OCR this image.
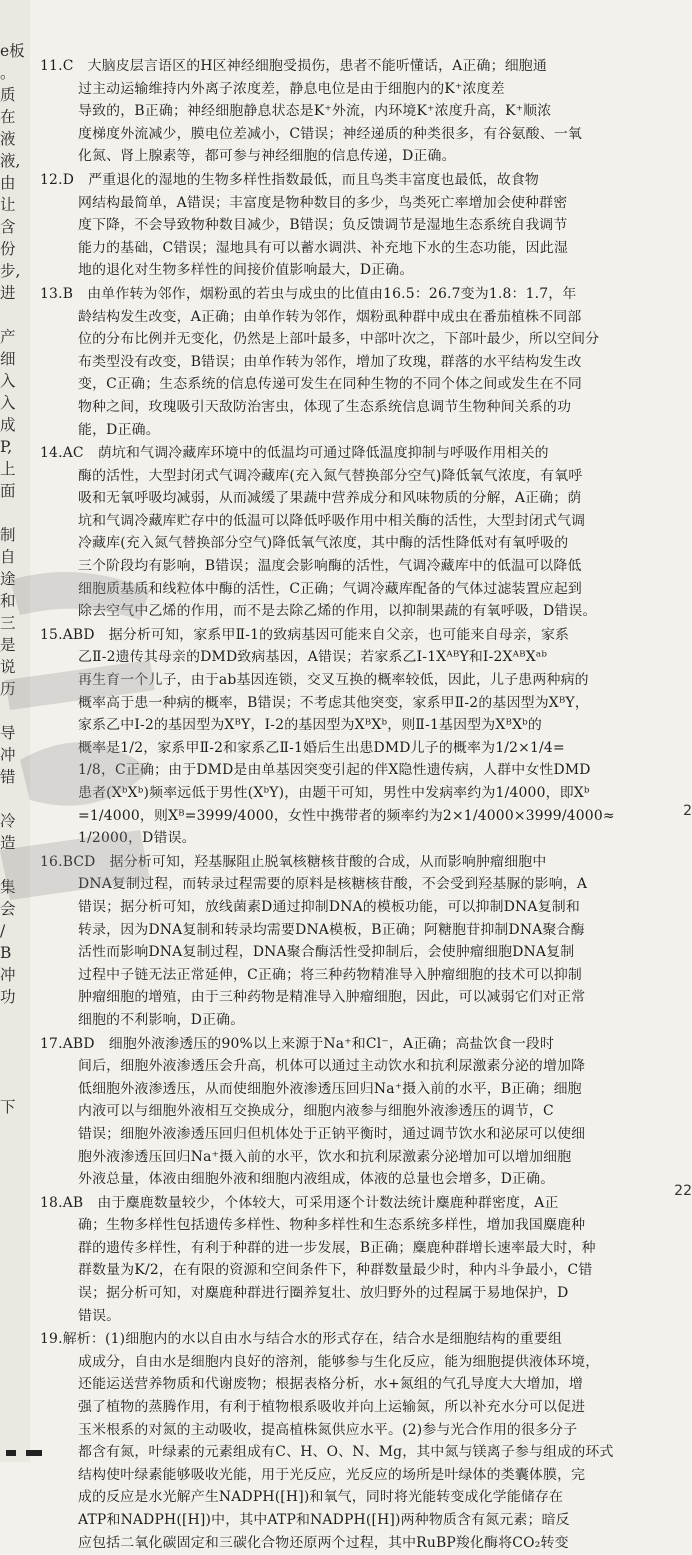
e板
。
质
在
液
液,
由
让
含
份
步,
进

产
细
入
入
成
P,
上
面

制
自
途
和
三
是
说
历

导
冲
错

冷
造

集
会
/
B
冲
功

下
11.C　大脑皮层言语区的H区神经细胞受损伤，患者不能听懂话，A正确；细胞通
过主动运输维持内外离子浓度差，静息电位是由于细胞内的K⁺浓度差
导致的，B正确；神经细胞静息状态是K⁺外流，内环境K⁺浓度升高，K⁺顺浓
度梯度外流减少，膜电位差减小，C错误；神经递质的种类很多，有谷氨酸、一氧
化氮、肾上腺素等，都可参与神经细胞的信息传递，D正确。
12.D　严重退化的湿地的生物多样性指数最低，而且鸟类丰富度也最低，故食物
网结构最简单，A错误；丰富度是物种数目的多少，鸟类死亡率增加会使种群密
度下降，不会导致物种数目减少，B错误；负反馈调节是湿地生态系统自我调节
能力的基础，C错误；湿地具有可以蓄水调洪、补充地下水的生态功能，因此湿
地的退化对生物多样性的间接价值影响最大，D正确。
13.B　由单作转为邻作，烟粉虱的若虫与成虫的比值由16.5：26.7变为1.8：1.7，年
龄结构发生改变，A正确；由单作转为邻作，烟粉虱种群中成虫在番茄植株不同部
位的分布比例并无变化，仍然是上部叶最多，中部叶次之，下部叶最少，所以空间分
布类型没有改变，B错误；由单作转为邻作，增加了玫瑰，群落的水平结构发生改
变，C正确；生态系统的信息传递可发生在同种生物的不同个体之间或发生在不同
物种之间，玫瑰吸引天敌防治害虫，体现了生态系统信息调节生物种间关系的功
能，D正确。
14.AC　荫坑和气调冷藏库环境中的低温均可通过降低温度抑制与呼吸作用相关的
酶的活性，大型封闭式气调冷藏库(充入氮气替换部分空气)降低氧气浓度，有氧呼
吸和无氧呼吸均减弱，从而减缓了果蔬中营养成分和风味物质的分解，A正确；荫
坑和气调冷藏库贮存中的低温可以降低呼吸作用中相关酶的活性，大型封闭式气调
冷藏库(充入氮气替换部分空气)降低氧气浓度，其中酶的活性降低对有氧呼吸的
三个阶段均有影响，B错误；温度会影响酶的活性，气调冷藏库中的低温可以降低
细胞质基质和线粒体中酶的活性，C正确；气调冷藏库配备的气体过滤装置应起到
除去空气中乙烯的作用，而不是去除乙烯的作用，以抑制果蔬的有氧呼吸，D错误。
15.ABD　据分析可知，家系甲Ⅱ-1的致病基因可能来自父亲，也可能来自母亲，家系
乙Ⅱ-2遗传其母亲的DMD致病基因，A错误；若家系乙Ⅰ-1XᴬᴮY和Ⅰ-2XᴬᴮXᵃᵇ
再生育一个儿子，由于ab基因连锁，交叉互换的概率较低，因此，儿子患两种病的
概率高于患一种病的概率，B错误；不考虑其他突变，家系甲Ⅱ-2的基因型为XᴮY，
家系乙中Ⅰ-2的基因型为XᴮY，Ⅰ-2的基因型为XᴮXᵇ，则Ⅱ-1基因型为XᴮXᵇ的
概率是1/2，家系甲Ⅱ-2和家系乙Ⅱ-1婚后生出患DMD儿子的概率为1/2×1/4=
1/8，C正确；由于DMD是由单基因突变引起的伴X隐性遗传病，人群中女性DMD
患者(XᵇXᵇ)频率远低于男性(XᵇY)，由题干可知，男性中发病率约为1/4000，即Xᵇ
=1/4000，则Xᴮ=3999/4000，女性中携带者的频率约为2×1/4000×3999/4000≈
1/2000，D错误。
16.BCD　据分析可知，羟基脲阻止脱氧核糖核苷酸的合成，从而影响肿瘤细胞中
DNA复制过程，而转录过程需要的原料是核糖核苷酸，不会受到羟基脲的影响，A
错误；据分析可知，放线菌素D通过抑制DNA的模板功能，可以抑制DNA复制和
转录，因为DNA复制和转录均需要DNA模板，B正确；阿糖胞苷抑制DNA聚合酶
活性而影响DNA复制过程，DNA聚合酶活性受抑制后，会使肿瘤细胞DNA复制
过程中子链无法正常延伸，C正确；将三种药物精准导入肿瘤细胞的技术可以抑制
肿瘤细胞的增殖，由于三种药物是精准导入肿瘤细胞，因此，可以减弱它们对正常
细胞的不利影响，D正确。
17.ABD　细胞外液渗透压的90%以上来源于Na⁺和Cl⁻，A正确；高盐饮食一段时
间后，细胞外液渗透压会升高，机体可以通过主动饮水和抗利尿激素分泌的增加降
低细胞外液渗透压，从而使细胞外液渗透压回归Na⁺摄入前的水平，B正确；细胞
内液可以与细胞外液相互交换成分，细胞内液参与细胞外液渗透压的调节，C
错误；细胞外液渗透压回归但机体处于正钠平衡时，通过调节饮水和泌尿可以使细
胞外液渗透压回归Na⁺摄入前的水平，饮水和抗利尿激素分泌增加可以增加细胞
外液总量，体液由细胞外液和细胞内液组成，体液的总量也会增多，D正确。
18.AB　由于麋鹿数量较少，个体较大，可采用逐个计数法统计麋鹿种群密度，A正
确；生物多样性包括遗传多样性、物种多样性和生态系统多样性，增加我国麋鹿种
群的遗传多样性，有利于种群的进一步发展，B正确；麋鹿种群增长速率最大时，种
群数量为K/2，在有限的资源和空间条件下，种群数量最少时，种内斗争最小，C错
误；据分析可知，对麋鹿种群进行圈养复壮、放归野外的过程属于易地保护，D
错误。
19.解析：(1)细胞内的水以自由水与结合水的形式存在，结合水是细胞结构的重要组
成成分，自由水是细胞内良好的溶剂，能够参与生化反应，能为细胞提供液体环境，
还能运送营养物质和代谢废物；根据表格分析，水+氮组的气孔导度大大增加，增
强了植物的蒸腾作用，有利于植物根系吸收并向上运输氮，所以补充水分可以促进
玉米根系的对氮的主动吸收，提高植株氮供应水平。(2)参与光合作用的很多分子
都含有氮，叶绿素的元素组成有C、H、O、N、Mg，其中氮与镁离子参与组成的环式
结构使叶绿素能够吸收光能，用于光反应，光反应的场所是叶绿体的类囊体膜，完
成的反应是水光解产生NADPH([H])和氧气，同时将光能转变成化学能储存在
ATP和NADPH([H])中，其中ATP和NADPH([H])两种物质含有氮元素；暗反
应包括二氧化碳固定和三碳化合物还原两个过程，其中RuBP羧化酶将CO₂转变
2
22
